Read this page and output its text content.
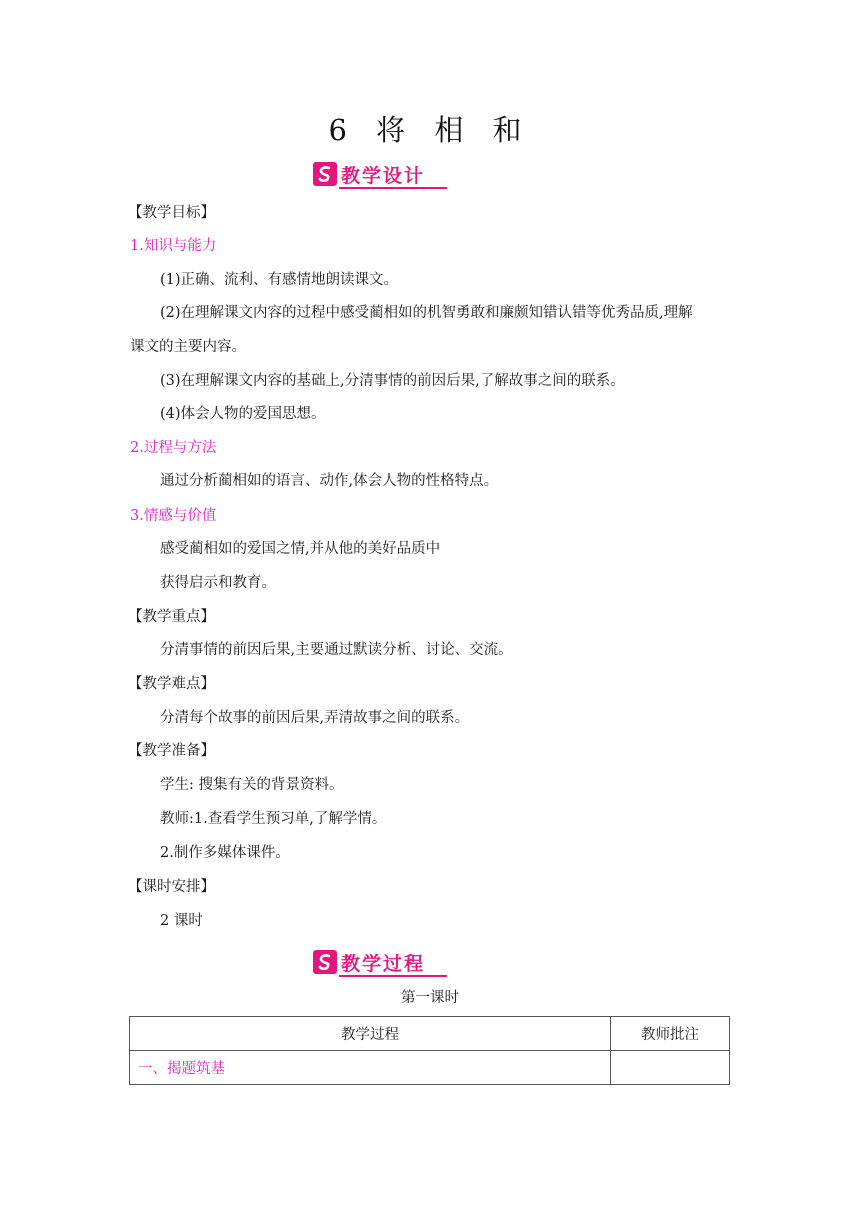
6 将 相 和
教学设计
【教学目标】
1.知识与能力
(1)正确、流利、有感情地朗读课文。
(2)在理解课文内容的过程中感受蔺相如的机智勇敢和廉颇知错认错等优秀品质,理解
课文的主要内容。
(3)在理解课文内容的基础上,分清事情的前因后果,了解故事之间的联系。
(4)体会人物的爱国思想。
2.过程与方法
通过分析蔺相如的语言、动作,体会人物的性格特点。
3.情感与价值
感受蔺相如的爱国之情,并从他的美好品质中
获得启示和教育。
【教学重点】
分清事情的前因后果,主要通过默读分析、讨论、交流。
【教学难点】
分清每个故事的前因后果,弄清故事之间的联系。
【教学准备】
学生: 搜集有关的背景资料。
教师:1.查看学生预习单,了解学情。
2.制作多媒体课件。
【课时安排】
2 课时
教学过程
第一课时
教学过程	教师批注
一、揭题筑基	
